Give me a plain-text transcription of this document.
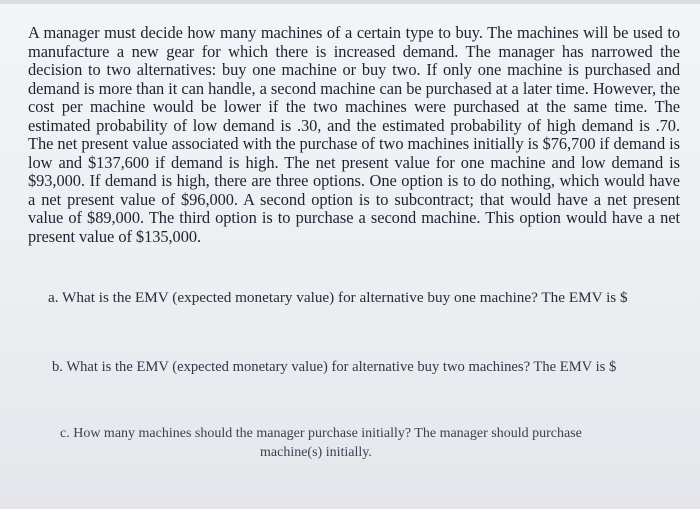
A manager must decide how many machines of a certain type to buy. The machines will be used to manufacture a new gear for which there is increased demand. The manager has narrowed the decision to two alternatives: buy one machine or buy two. If only one machine is purchased and demand is more than it can handle, a second machine can be purchased at a later time. However, the cost per machine would be lower if the two machines were purchased at the same time. The estimated probability of low demand is .30, and the estimated probability of high demand is .70. The net present value associated with the purchase of two machines initially is $76,700 if demand is low and $137,600 if demand is high. The net present value for one machine and low demand is $93,000. If demand is high, there are three options. One option is to do nothing, which would have a net present value of $96,000. A second option is to subcontract; that would have a net present value of $89,000. The third option is to purchase a second machine. This option would have a net present value of $135,000.

a. What is the EMV (expected monetary value) for alternative buy one machine? The EMV is $

b. What is the EMV (expected monetary value) for alternative buy two machines? The EMV is $

c. How many machines should the manager purchase initially? The manager should purchase
machine(s) initially.
